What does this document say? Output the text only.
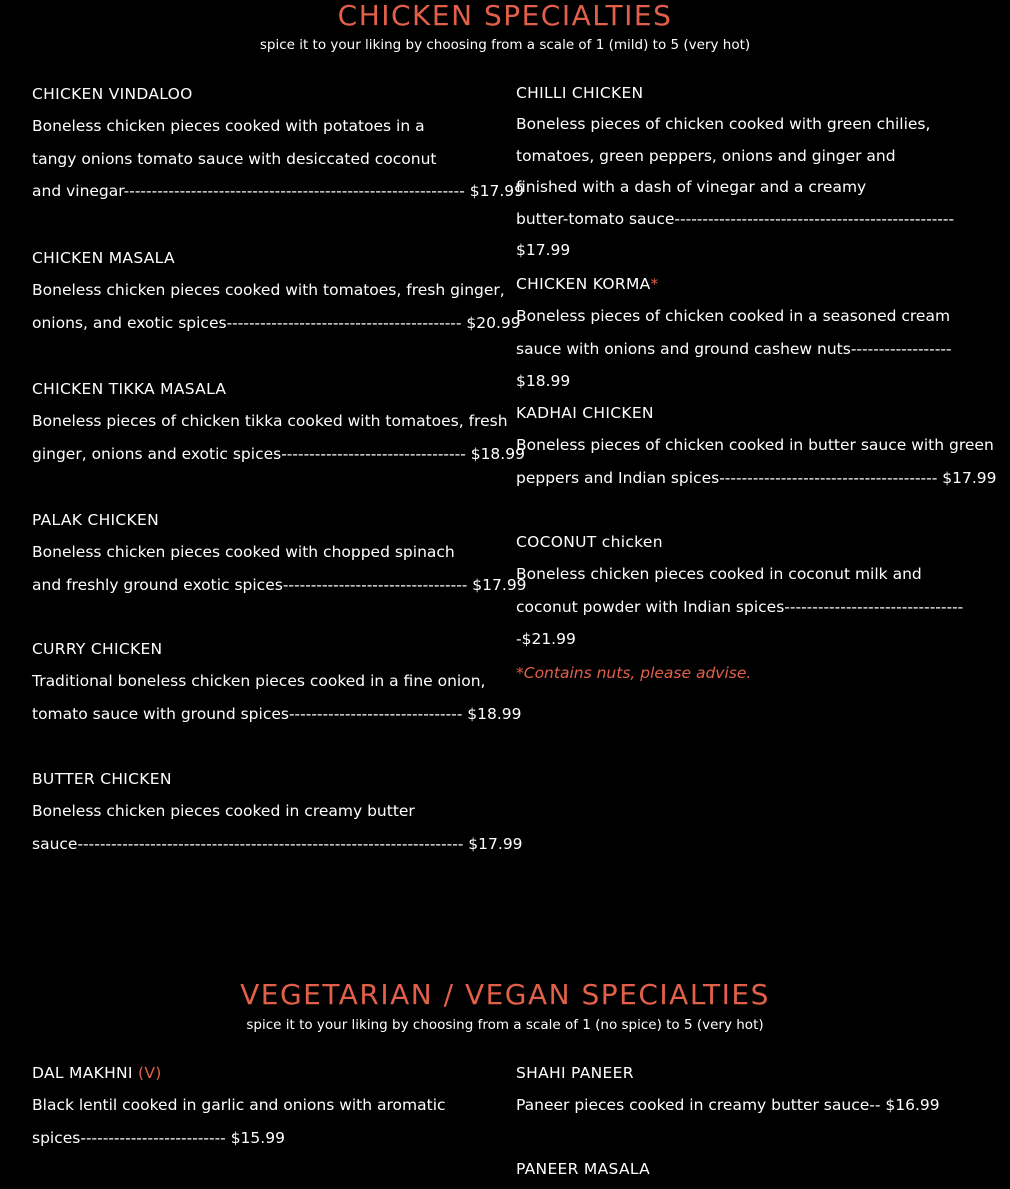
CHICKEN SPECIALTIES
spice it to your liking by choosing from a scale of 1 (mild) to 5 (very hot)
CHICKEN VINDALOO
Boneless chicken pieces cooked with potatoes in a
tangy onions tomato sauce with desiccated coconut
and vinegar------------------------------------------------------------- $17.99
CHICKEN MASALA
Boneless chicken pieces cooked with tomatoes, fresh ginger,
onions, and exotic spices------------------------------------------ $20.99
CHICKEN TIKKA MASALA
Boneless pieces of chicken tikka cooked with tomatoes, fresh
ginger, onions and exotic spices--------------------------------- $18.99
PALAK CHICKEN
Boneless chicken pieces cooked with chopped spinach
and freshly ground exotic spices--------------------------------- $17.99
CURRY CHICKEN
Traditional boneless chicken pieces cooked in a fine onion,
tomato sauce with ground spices------------------------------- $18.99
BUTTER CHICKEN
Boneless chicken pieces cooked in creamy butter
sauce--------------------------------------------------------------------- $17.99
CHILLI CHICKEN
Boneless pieces of chicken cooked with green chilies,
tomatoes, green peppers, onions and ginger and
finished with a dash of vinegar and a creamy
butter-tomato sauce-------------------------------------------------- $17.99
CHICKEN KORMA*
Boneless pieces of chicken cooked in a seasoned cream
sauce with onions and ground cashew nuts------------------ $18.99
KADHAI CHICKEN
Boneless pieces of chicken cooked in butter sauce with green
peppers and Indian spices--------------------------------------- $17.99
COCONUT chicken
Boneless chicken pieces cooked in coconut milk and
coconut powder with Indian spices---------------------------------$21.99
*Contains nuts, please advise.
VEGETARIAN / VEGAN SPECIALTIES
spice it to your liking by choosing from a scale of 1 (no spice) to 5 (very hot)
DAL MAKHNI (V)
Black lentil cooked in garlic and onions with aromatic
spices-------------------------- $15.99
SHAHI PANEER
Paneer pieces cooked in creamy butter sauce-- $16.99
PANEER MASALA
